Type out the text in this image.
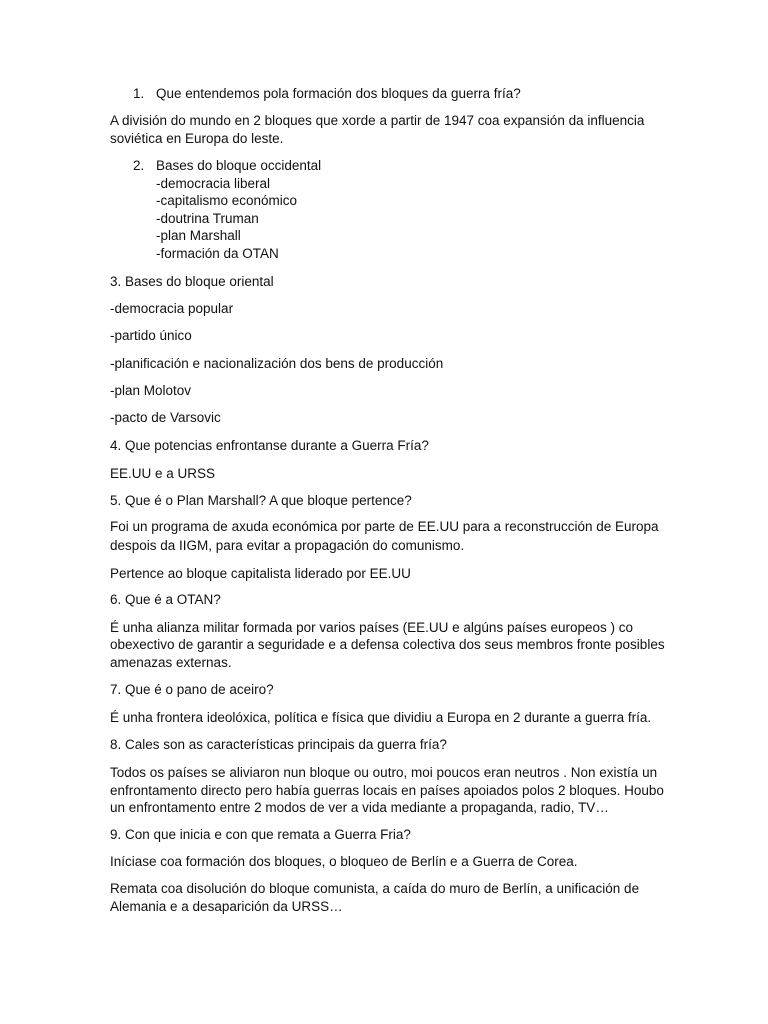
1. Que entendemos pola formación dos bloques da guerra fría?
A división do mundo en 2 bloques que xorde a partir de 1947 coa expansión da influencia
soviética en Europa do leste.
2. Bases do bloque occidental
-democracia liberal
-capitalismo económico
-doutrina Truman
-plan Marshall
-formación da OTAN
3. Bases do bloque oriental
-democracia popular
-partido único
-planificación e nacionalización dos bens de producción
-plan Molotov
-pacto de Varsovic
4. Que potencias enfrontanse durante a Guerra Fría?
EE.UU e a URSS
5. Que é o Plan Marshall? A que bloque pertence?
Foi un programa de axuda económica por parte de EE.UU para a reconstrucción de Europa
despois da IIGM, para evitar a propagación do comunismo.
Pertence ao bloque capitalista liderado por EE.UU
6. Que é a OTAN?
É unha alianza militar formada por varios países (EE.UU e algúns países europeos ) co
obexectivo de garantir a seguridade e a defensa colectiva dos seus membros fronte posibles
amenazas externas.
7. Que é o pano de aceiro?
É unha frontera ideolóxica, política e física que dividiu a Europa en 2 durante a guerra fría.
8. Cales son as características principais da guerra fría?
Todos os países se aliviaron nun bloque ou outro, moi poucos eran neutros . Non existía un
enfrontamento directo pero había guerras locais en países apoiados polos 2 bloques. Houbo
un enfrontamento entre 2 modos de ver a vida mediante a propaganda, radio, TV…
9. Con que inicia e con que remata a Guerra Fria?
Iníciase coa formación dos bloques, o bloqueo de Berlín e a Guerra de Corea.
Remata coa disolución do bloque comunista, a caída do muro de Berlín, a unificación de
Alemania e a desaparición da URSS…
